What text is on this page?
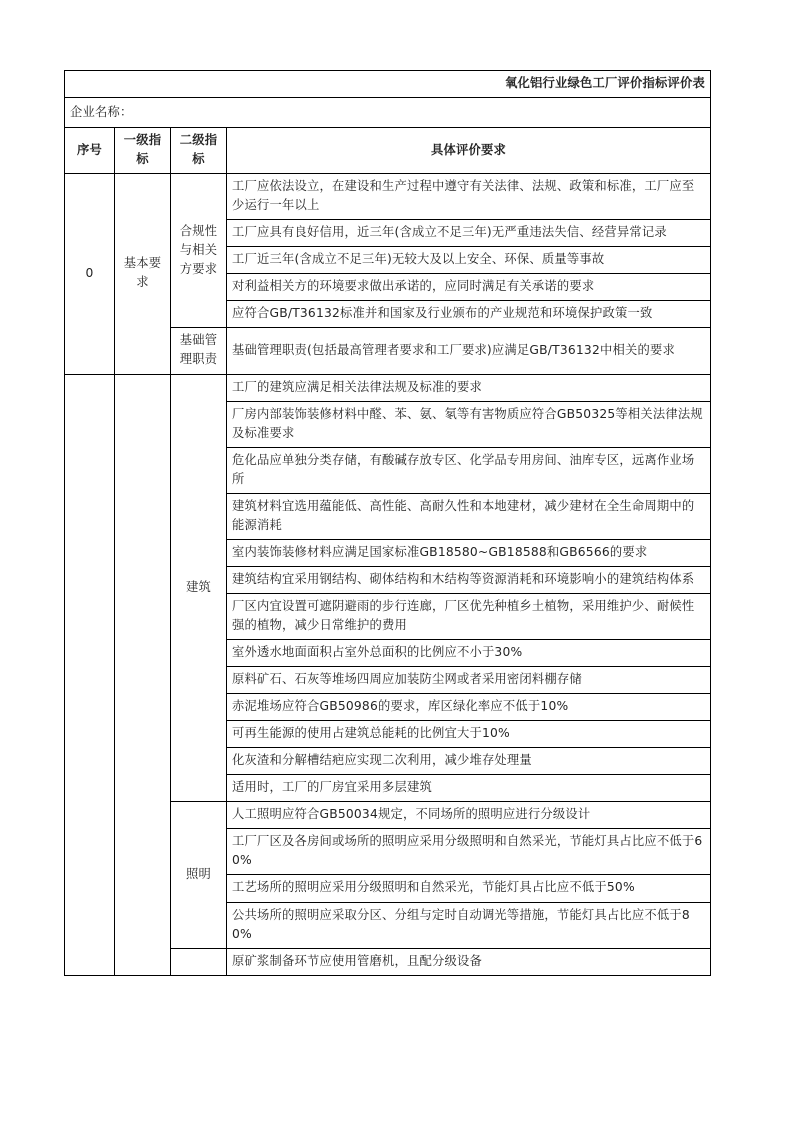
氧化铝行业绿色工厂评价指标评价表			
企业名称：			
序号	一级指标	二级指标	具体评价要求
0	基本要求	合规性与相关方要求	工厂应依法设立，在建设和生产过程中遵守有关法律、法规、政策和标准，工厂应至少运行一年以上
			工厂应具有良好信用，近三年(含成立不足三年)无严重违法失信、经营异常记录
			工厂近三年(含成立不足三年)无较大及以上安全、环保、质量等事故
			对利益相关方的环境要求做出承诺的，应同时满足有关承诺的要求
			应符合GB/T36132标准并和国家及行业颁布的产业规范和环境保护政策一致
		基础管理职责	基础管理职责(包括最高管理者要求和工厂要求)应满足GB/T36132中相关的要求
		建筑	工厂的建筑应满足相关法律法规及标准的要求
			厂房内部装饰装修材料中醛、苯、氨、氡等有害物质应符合GB50325等相关法律法规及标准要求
			危化品应单独分类存储，有酸碱存放专区、化学品专用房间、油库专区，远离作业场所
			建筑材料宜选用蕴能低、高性能、高耐久性和本地建材，减少建材在全生命周期中的能源消耗
			室内装饰装修材料应满足国家标准GB18580~GB18588和GB6566的要求
			建筑结构宜采用钢结构、砌体结构和木结构等资源消耗和环境影响小的建筑结构体系
			厂区内宜设置可遮阴避雨的步行连廊，厂区优先种植乡土植物，采用维护少、耐候性强的植物，减少日常维护的费用
			室外透水地面面积占室外总面积的比例应不小于30%
			原料矿石、石灰等堆场四周应加装防尘网或者采用密闭料棚存储
			赤泥堆场应符合GB50986的要求，库区绿化率应不低于10%
			可再生能源的使用占建筑总能耗的比例宜大于10%
			化灰渣和分解槽结疤应实现二次利用，减少堆存处理量
			适用时，工厂的厂房宜采用多层建筑
		照明	人工照明应符合GB50034规定，不同场所的照明应进行分级设计
			工厂厂区及各房间或场所的照明应采用分级照明和自然采光，节能灯具占比应不低于60%
			工艺场所的照明应采用分级照明和自然采光，节能灯具占比应不低于50%
			公共场所的照明应采取分区、分组与定时自动调光等措施，节能灯具占比应不低于80%
			原矿浆制备环节应使用管磨机，且配分级设备
